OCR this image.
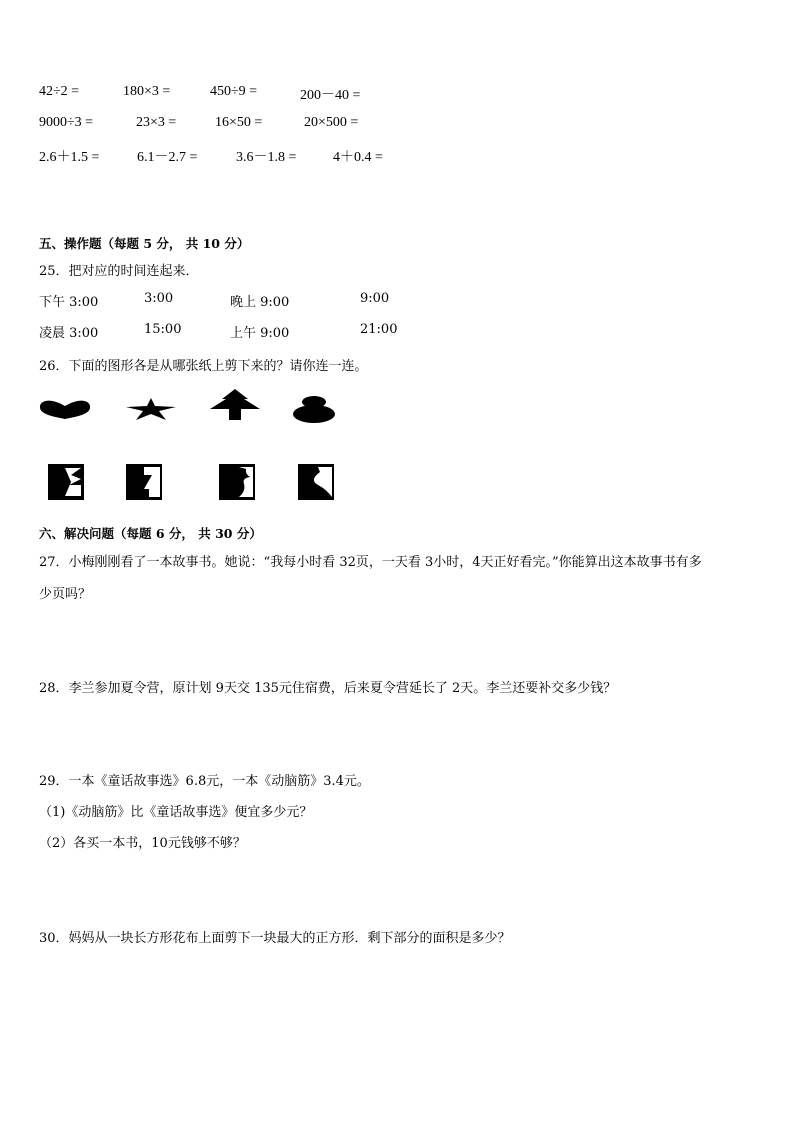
42÷2 =	180×3 =	450÷9 =	200－40 =
9000÷3 =	23×3 =	16×50 =	20×500 =
2.6＋1.5 =	6.1－2.7 =	3.6－1.8 =	4＋0.4 =
五、操作题（每题 5 分， 共 10 分）
25．把对应的时间连起来．
下午 3:00	3:00	晚上 9:00	9:00
凌晨 3:00	15:00	上午 9:00	21:00
26．下面的图形各是从哪张纸上剪下来的？请你连一连。
六、解决问题（每题 6 分， 共 30 分）
27．小梅刚刚看了一本故事书。她说：“我每小时看 32页，一天看 3小时，4天正好看完。”你能算出这本故事书有多
少页吗？
28．李兰参加夏令营，原计划 9天交 135元住宿费，后来夏令营延长了 2天。李兰还要补交多少钱？
29．一本《童话故事选》6.8元，一本《动脑筋》3.4元。
（1)《动脑筋》比《童话故事选》便宜多少元？
（2）各买一本书，10元钱够不够？
30．妈妈从一块长方形花布上面剪下一块最大的正方形．剩下部分的面积是多少？
